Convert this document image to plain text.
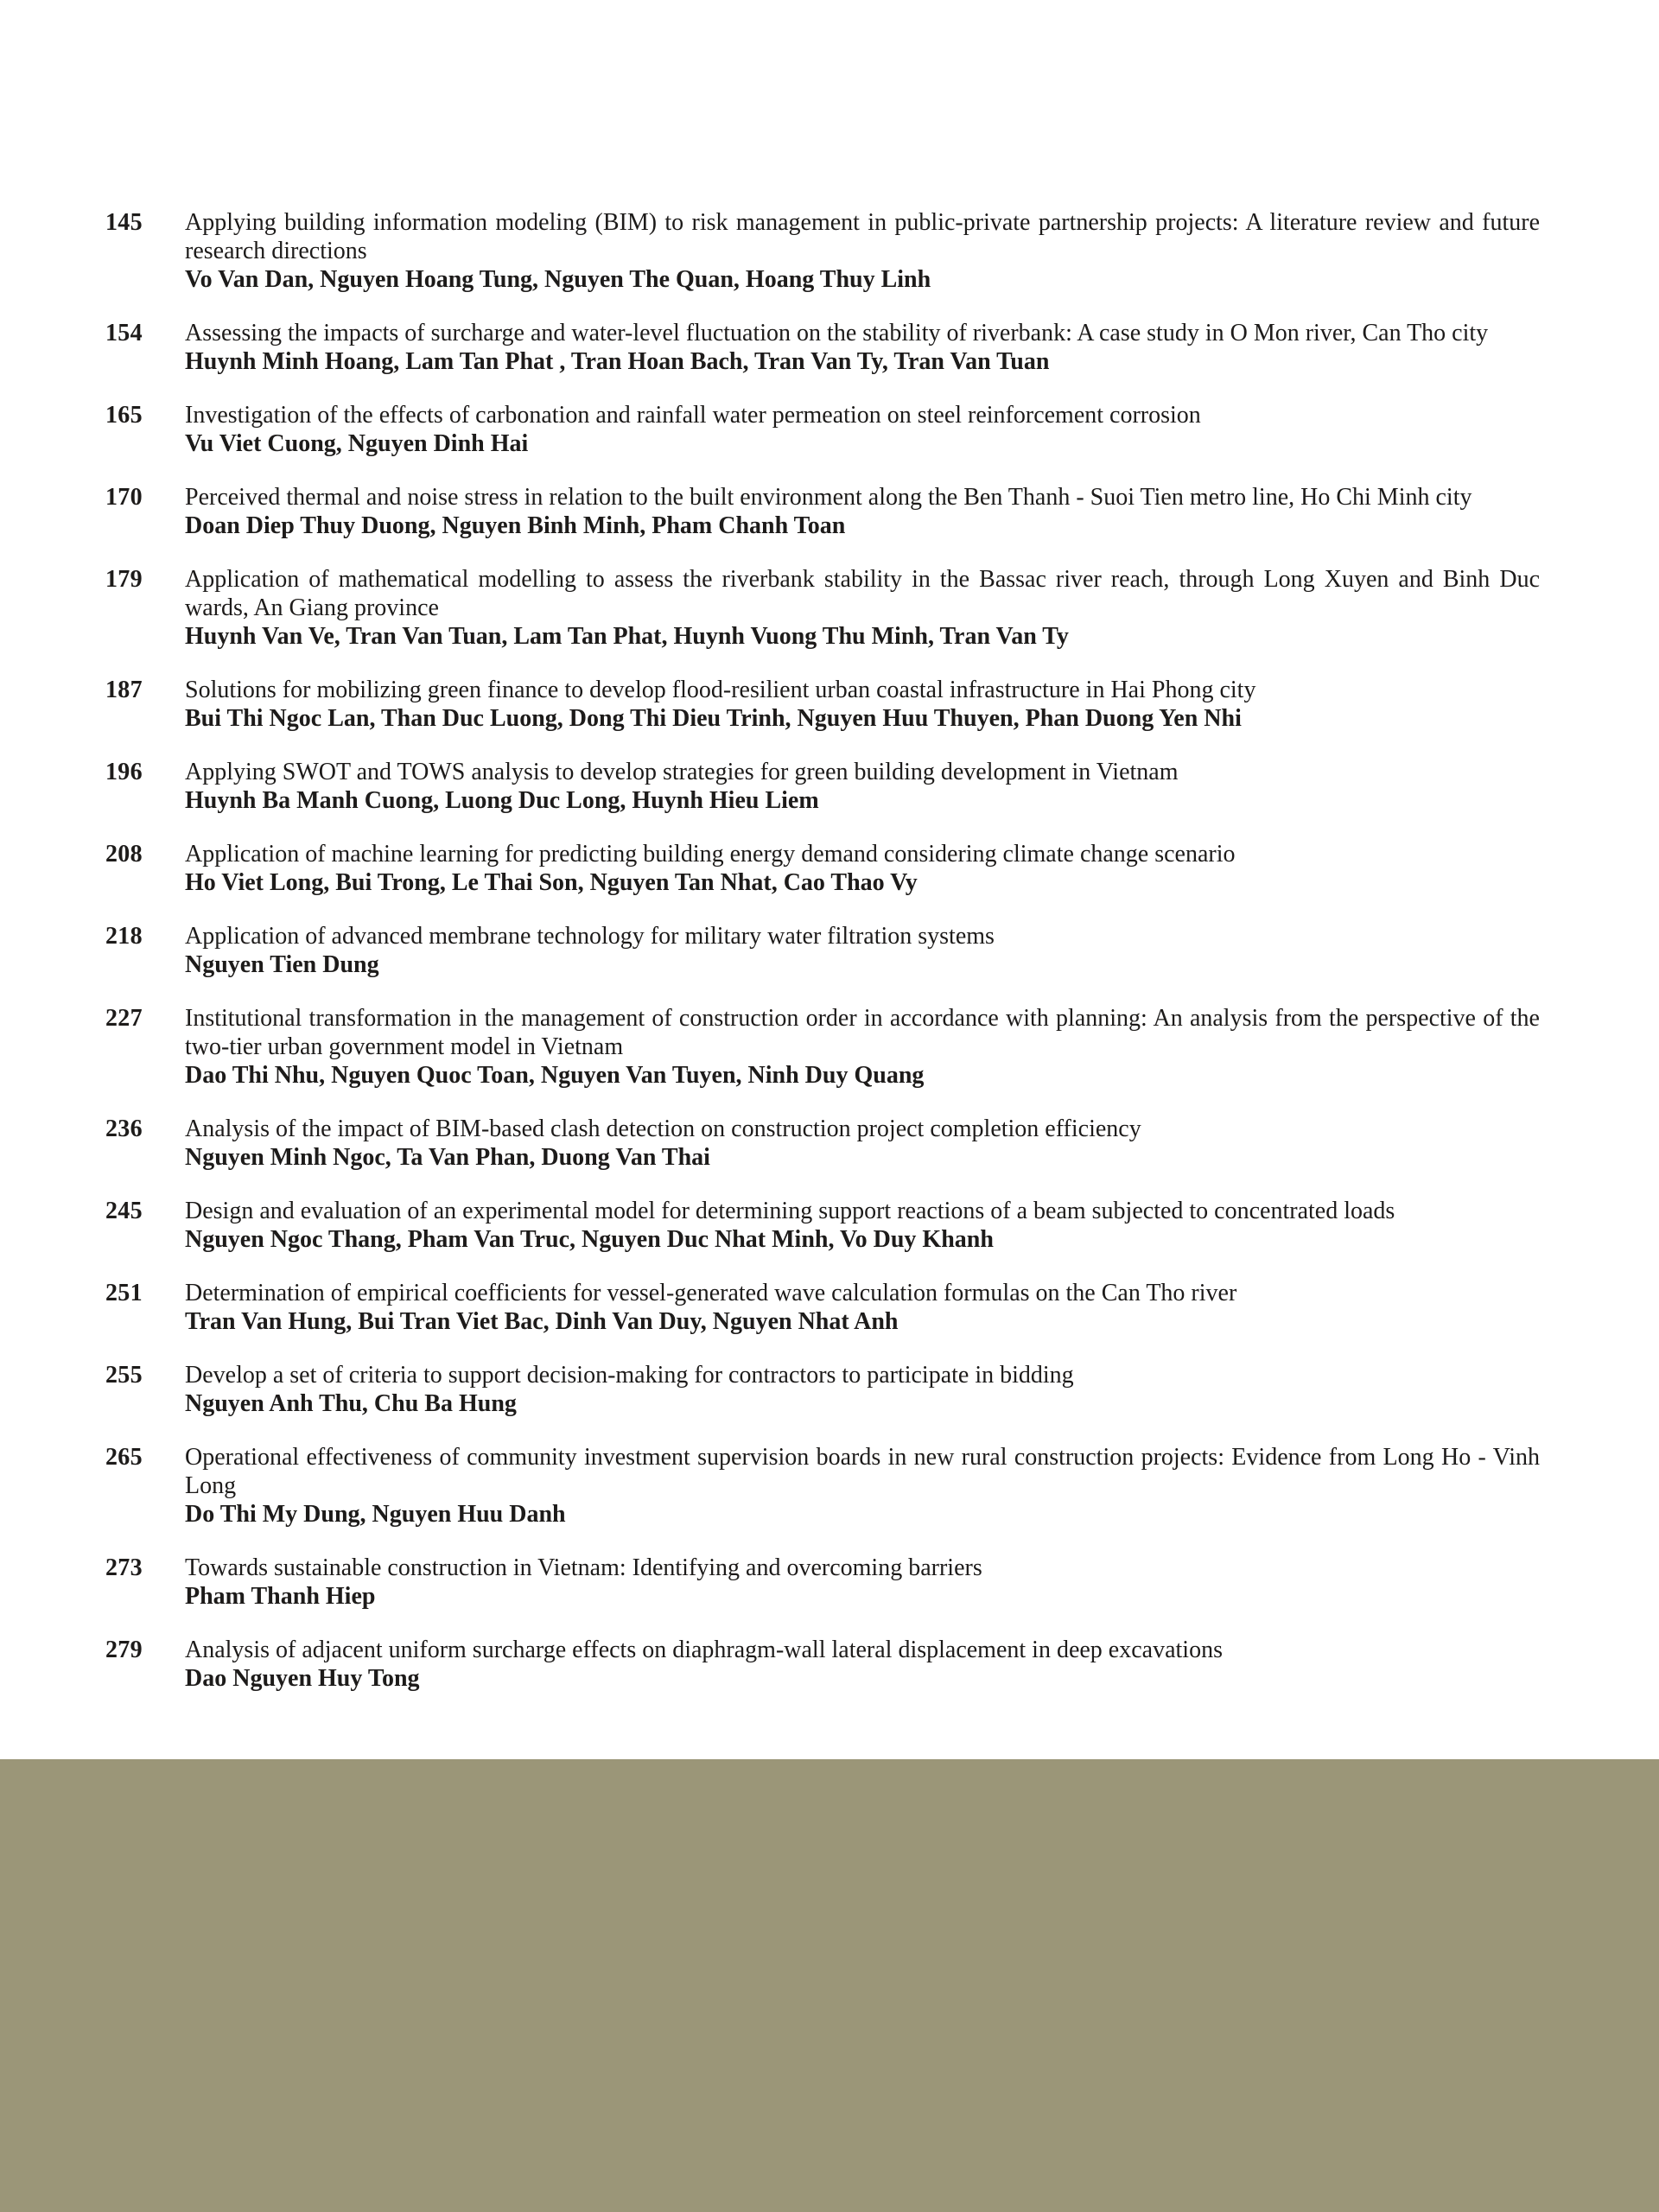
145	Applying building information modeling (BIM) to risk management in public-private partnership projects: A literature review and future research directions
Vo Van Dan, Nguyen Hoang Tung, Nguyen The Quan, Hoang Thuy Linh
154	Assessing the impacts of surcharge and water-level fluctuation on the stability of riverbank: A case study in O Mon river, Can Tho city
Huynh Minh Hoang, Lam Tan Phat , Tran Hoan Bach, Tran Van Ty, Tran Van Tuan
165	Investigation of the effects of carbonation and rainfall water permeation on steel reinforcement corrosion
Vu Viet Cuong, Nguyen Dinh Hai
170	Perceived thermal and noise stress in relation to the built environment along the Ben Thanh - Suoi Tien metro line, Ho Chi Minh city
Doan Diep Thuy Duong, Nguyen Binh Minh, Pham Chanh Toan
179	Application of mathematical modelling to assess the riverbank stability in the Bassac river reach, through Long Xuyen and Binh Duc wards, An Giang province
Huynh Van Ve, Tran Van Tuan, Lam Tan Phat, Huynh Vuong Thu Minh, Tran Van Ty
187	Solutions for mobilizing green finance to develop flood-resilient urban coastal infrastructure in Hai Phong city
Bui Thi Ngoc Lan, Than Duc Luong, Dong Thi Dieu Trinh, Nguyen Huu Thuyen, Phan Duong Yen Nhi
196	Applying SWOT and TOWS analysis to develop strategies for green building development in Vietnam
Huynh Ba Manh Cuong, Luong Duc Long, Huynh Hieu Liem
208	Application of machine learning for predicting building energy demand considering climate change scenario
Ho Viet Long, Bui Trong, Le Thai Son, Nguyen Tan Nhat, Cao Thao Vy
218	Application of advanced membrane technology for military water filtration systems
Nguyen Tien Dung
227	Institutional transformation in the management of construction order in accordance with planning: An analysis from the perspective of the two-tier urban government model in Vietnam
Dao Thi Nhu, Nguyen Quoc Toan, Nguyen Van Tuyen, Ninh Duy Quang
236	Analysis of the impact of BIM-based clash detection on construction project completion efficiency
Nguyen Minh Ngoc, Ta Van Phan, Duong Van Thai
245	Design and evaluation of an experimental model for determining support reactions of a beam subjected to concentrated loads
Nguyen Ngoc Thang, Pham Van Truc, Nguyen Duc Nhat Minh, Vo Duy Khanh
251	Determination of empirical coefficients for vessel-generated wave calculation formulas on the Can Tho river
Tran Van Hung, Bui Tran Viet Bac, Dinh Van Duy, Nguyen Nhat Anh
255	Develop a set of criteria to support decision-making for contractors to participate in bidding
Nguyen Anh Thu, Chu Ba Hung
265	Operational effectiveness of community investment supervision boards in new rural construction projects: Evidence from Long Ho - Vinh Long
Do Thi My Dung, Nguyen Huu Danh
273	Towards sustainable construction in Vietnam: Identifying and overcoming barriers
Pham Thanh Hiep
279	Analysis of adjacent uniform surcharge effects on diaphragm-wall lateral displacement in deep excavations
Dao Nguyen Huy Tong
